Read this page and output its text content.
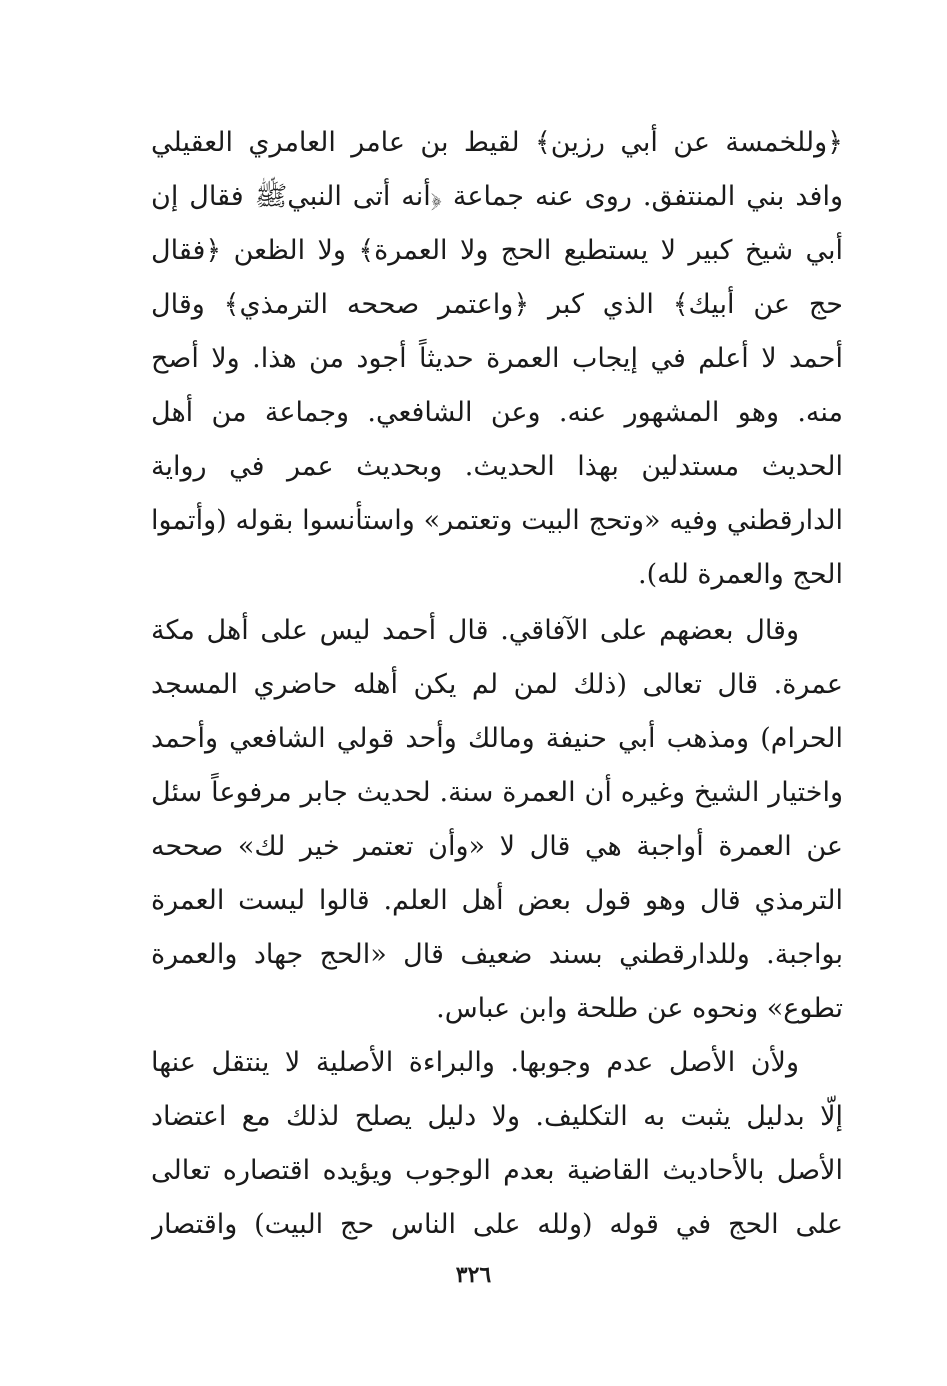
﴿وللخمسة عن أبي رزين﴾ لقيط بن عامر العامري العقيلي
وافد بني المنتفق. روى عنه جماعة ﴿أنه أتى النبيﷺ فقال إن
أبي شيخ كبير لا يستطيع الحج ولا العمرة﴾ ولا الظعن ﴿فقال
حج عن أبيك﴾ الذي كبر ﴿واعتمر صححه الترمذي﴾ وقال
أحمد لا أعلم في إيجاب العمرة حديثاً أجود من هذا. ولا أصح
منه. وهو المشهور عنه. وعن الشافعي. وجماعة من أهل
الحديث مستدلين بهذا الحديث. وبحديث عمر في رواية
الدارقطني وفيه «وتحج البيت وتعتمر» واستأنسوا بقوله (وأتموا
الحج والعمرة لله).
وقال بعضهم على الآفاقي. قال أحمد ليس على أهل مكة
عمرة. قال تعالى (ذلك لمن لم يكن أهله حاضري المسجد
الحرام) ومذهب أبي حنيفة ومالك وأحد قولي الشافعي وأحمد
واختيار الشيخ وغيره أن العمرة سنة. لحديث جابر مرفوعاً سئل
عن العمرة أواجبة هي قال لا «وأن تعتمر خير لك» صححه
الترمذي قال وهو قول بعض أهل العلم. قالوا ليست العمرة
بواجبة. وللدارقطني بسند ضعيف قال «الحج جهاد والعمرة
تطوع» ونحوه عن طلحة وابن عباس.
ولأن الأصل عدم وجوبها. والبراءة الأصلية لا ينتقل عنها
إلّا بدليل يثبت به التكليف. ولا دليل يصلح لذلك مع اعتضاد
الأصل بالأحاديث القاضية بعدم الوجوب ويؤيده اقتصاره تعالى
على الحج في قوله (ولله على الناس حج البيت) واقتصار
٣٢٦
